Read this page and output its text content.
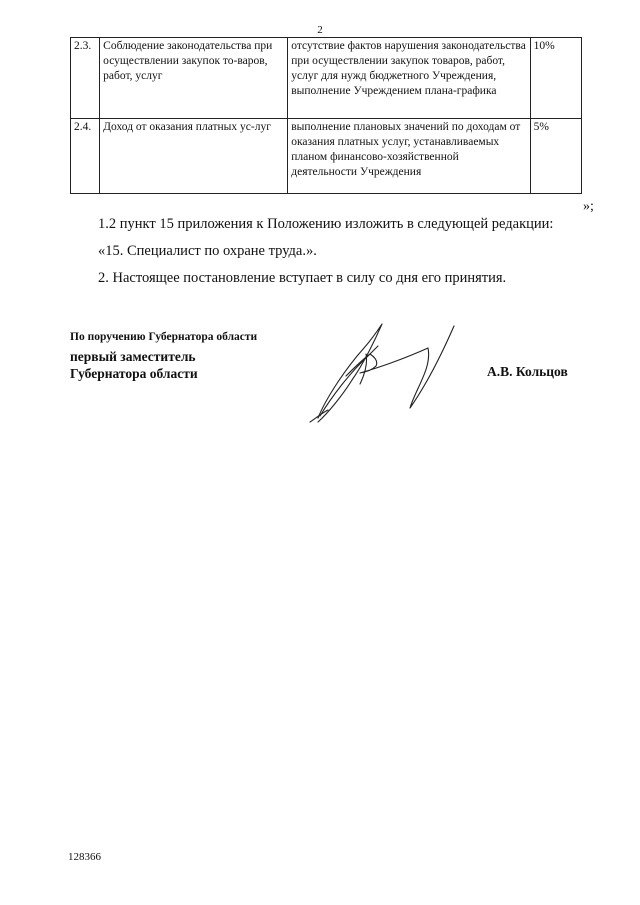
2
2.3.	Соблюдение законодательства при осуществлении закупок то-варов, работ, услуг	отсутствие фактов нарушения законодательства при осуществлении закупок товаров, работ, услуг для нужд бюджетного Учреждения, выполнение Учреждением плана-графика	10%
2.4.	Доход от оказания платных ус-луг	выполнение плановых значений по доходам от оказания платных услуг, устанавливаемых планом финансово-хозяйственной деятельности Учреждения	5%
»;
1.2 пункт 15 приложения к Положению изложить в следующей редакции:
«15. Специалист по охране труда.».
2. Настоящее постановление вступает в силу со дня его принятия.
По поручению Губернатора области
первый заместитель
Губернатора области	А.В. Кольцов
128366
